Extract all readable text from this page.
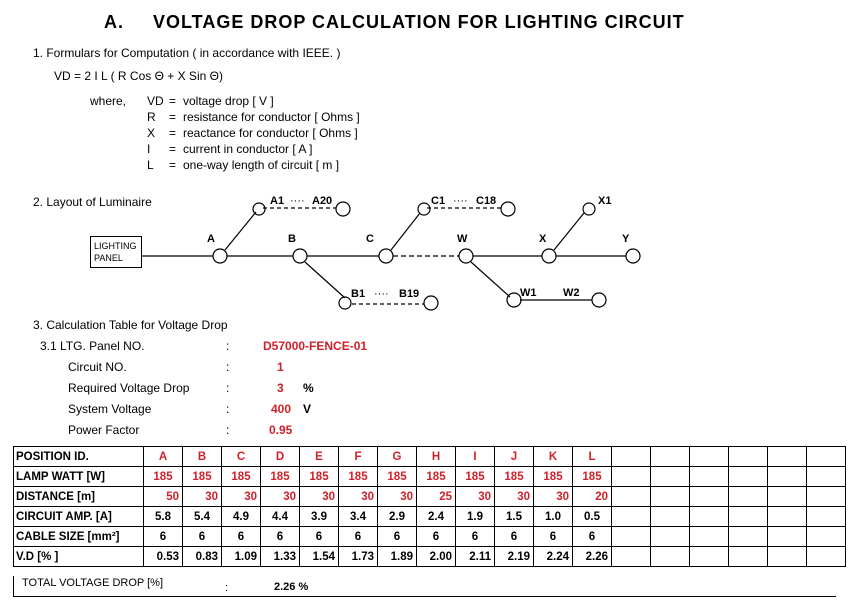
A. VOLTAGE DROP CALCULATION FOR LIGHTING CIRCUIT
1. Formulars for Computation ( in accordance with IEEE. )
VD = 2 I L ( R Cos Θ + X Sin Θ)
where, VD = voltage drop [ V ]
R = resistance for conductor [ Ohms ]
X = reactance for conductor [ Ohms ]
I = current in conductor [ A ]
L = one-way length of circuit [ m ]
2. Layout of Luminaire
LIGHTING
PANEL
A	B	C	W	X	Y
A1 ···· A20	C1 ···· C18	X1
B1 ···· B19	W1 W2
3. Calculation Table for Voltage Drop
3.1 LTG. Panel NO.	:	D57000-FENCE-01
Circuit NO.	:	1
Required Voltage Drop	:	3 %
System Voltage	:	400 V
Power Factor	:	0.95
POSITION ID.	A	B	C	D	E	F	G	H	I	J	K	L						
LAMP WATT [W]	185	185	185	185	185	185	185	185	185	185	185	185						
DISTANCE [m]	50	30	30	30	30	30	30	25	30	30	30	20						
CIRCUIT AMP. [A]	5.8	5.4	4.9	4.4	3.9	3.4	2.9	2.4	1.9	1.5	1.0	0.5						
CABLE SIZE [mm²]	6	6	6	6	6	6	6	6	6	6	6	6						
V.D [% ]	0.53	0.83	1.09	1.33	1.54	1.73	1.89	2.00	2.11	2.19	2.24	2.26						
TOTAL VOLTAGE DROP [%]	:	2.26 %
